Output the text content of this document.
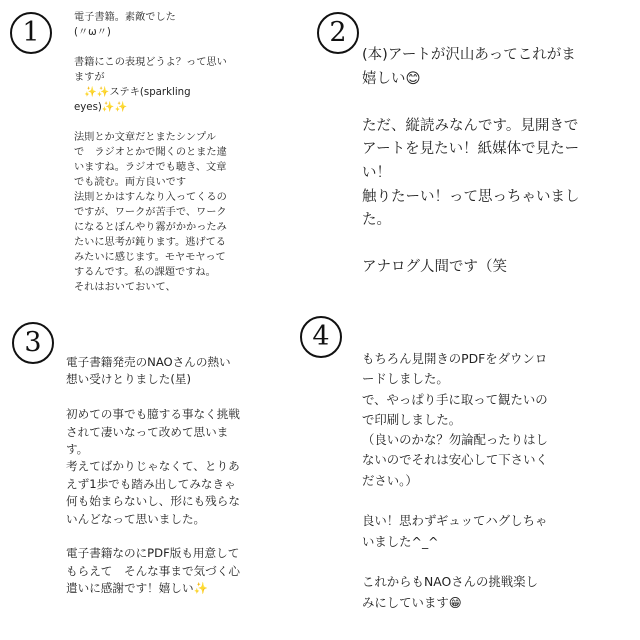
1	電子書籍。素敵でした
(〃ω〃)

書籍にこの表現どうよ？って思い
ますが
　✨✨ステキ(sparkling
eyes)✨✨

法則とか文章だとまたシンプル
で　ラジオとかで聞くのとまた違
いますね。ラジオでも聴き、文章
でも読む。両方良いです
法則とかはすんなり入ってくるの
ですが、ワークが苦手で、ワーク
になるとぼんやり霧がかかったみ
たいに思考が鈍ります。逃げてる
みたいに感じます。モヤモヤって
するんです。私の課題ですね。
それはおいておいて、

2

(本)アートが沢山あってこれがま
嬉しい😊

ただ、縦読みなんです。見開きで
アートを見たい！紙媒体で見たー
い！
触りたーい！って思っちゃいまし
た。

アナログ人間です（笑

3

電子書籍発売のNAOさんの熱い
想い受けとりました(星)

初めての事でも臆する事なく挑戦
されて凄いなって改めて思いま
す。
考えてばかりじゃなくて、とりあ
えず1歩でも踏み出してみなきゃ
何も始まらないし、形にも残らな
いんどなって思いました。

電子書籍なのにPDF版も用意して
もらえて　そんな事まで気づく心
遣いに感謝です！嬉しい✨

4

もちろん見開きのPDFをダウンロ
ードしました。
で、やっぱり手に取って観たいの
で印刷しました。
（良いのかな？勿論配ったりはし
ないのでそれは安心して下さいく
ださい。）

良い！思わずギュッてハグしちゃ
いました^_^

これからもNAOさんの挑戦楽し
みにしています😁
